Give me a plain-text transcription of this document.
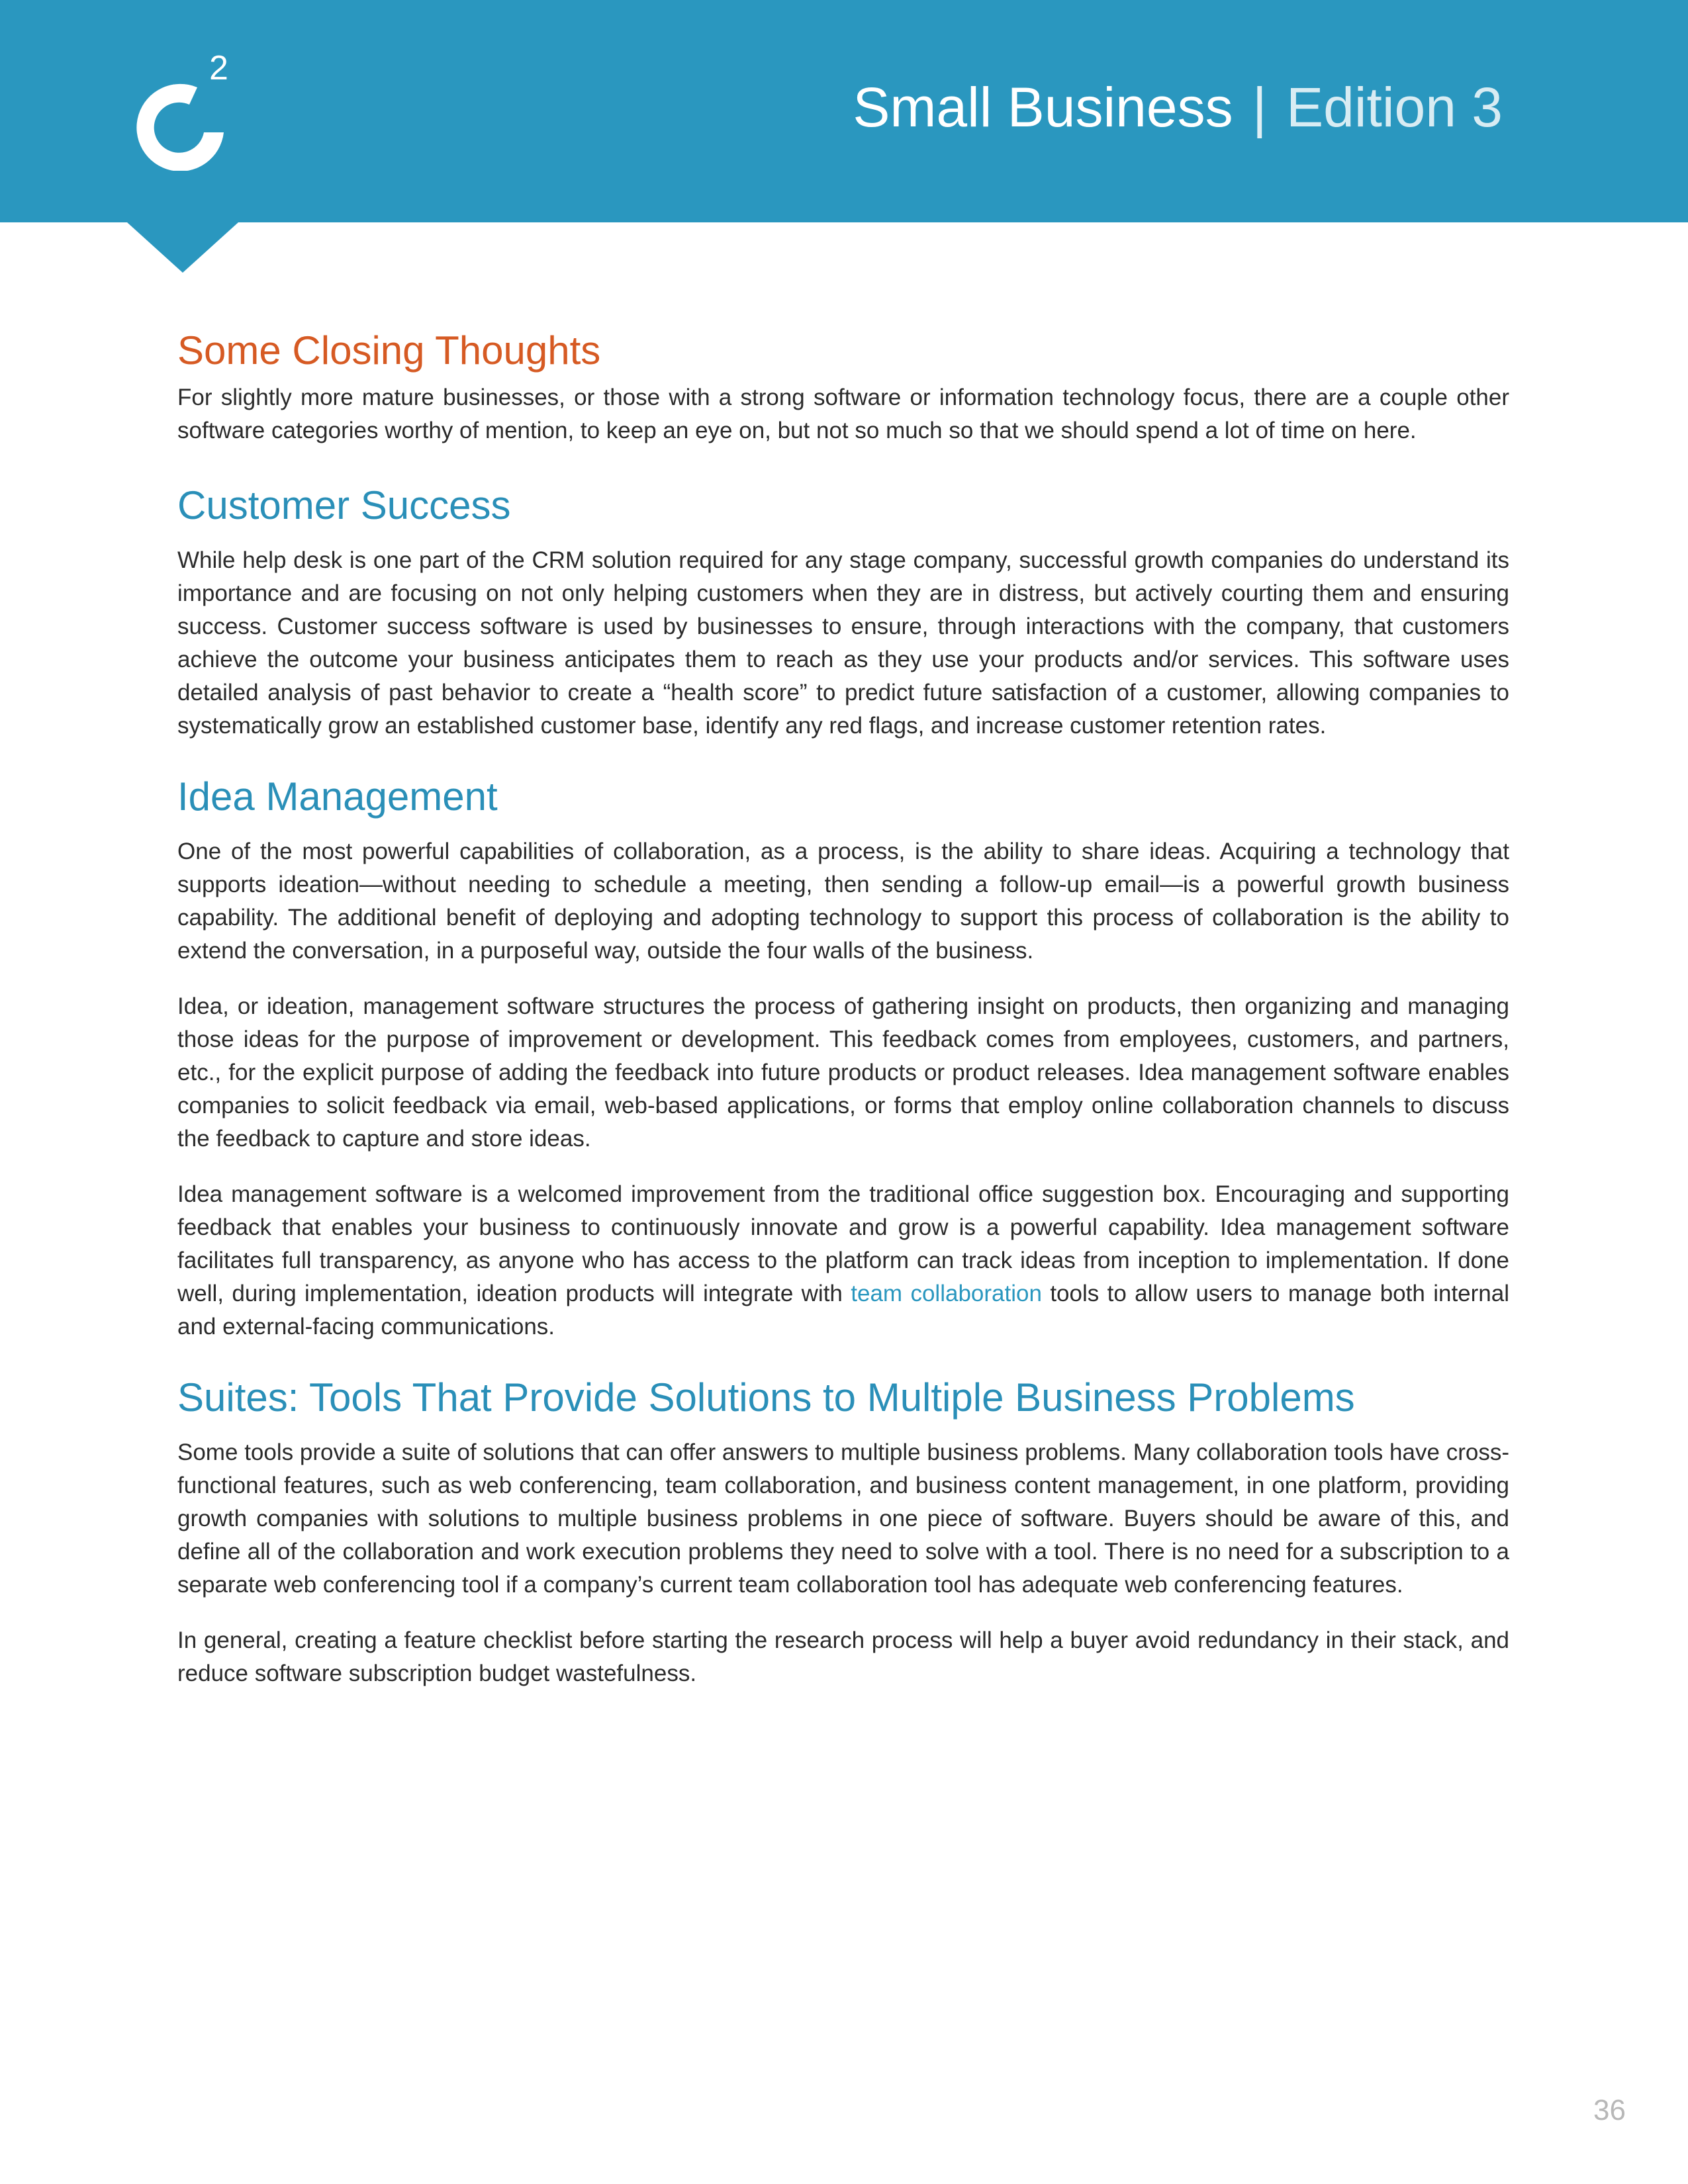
2
Small Business | Edition 3
Some Closing Thoughts

For slightly more mature businesses, or those with a strong software or information technology focus, there are a couple other software categories worthy of mention, to keep an eye on, but not so much so that we should spend a lot of time on here.

Customer Success

While help desk is one part of the CRM solution required for any stage company, successful growth companies do understand its importance and are focusing on not only helping customers when they are in distress, but actively courting them and ensuring success. Customer success software is used by businesses to ensure, through interactions with the company, that customers achieve the outcome your business anticipates them to reach as they use your products and/or services. This software uses detailed analysis of past behavior to create a “health score” to predict future satisfaction of a customer, allowing companies to systematically grow an established customer base, identify any red flags, and increase customer retention rates.

Idea Management

One of the most powerful capabilities of collaboration, as a process, is the ability to share ideas. Acquiring a technology that supports ideation—without needing to schedule a meeting, then sending a follow-up email—is a powerful growth business capability. The additional benefit of deploying and adopting technology to support this process of collaboration is the ability to extend the conversation, in a purposeful way, outside the four walls of the business.

Idea, or ideation, management software structures the process of gathering insight on products, then organizing and managing those ideas for the purpose of improvement or development. This feedback comes from employees, customers, and partners, etc., for the explicit purpose of adding the feedback into future products or product releases. Idea management software enables companies to solicit feedback via email, web-based applications, or forms that employ online collaboration channels to discuss the feedback to capture and store ideas.

Idea management software is a welcomed improvement from the traditional office suggestion box. Encouraging and supporting feedback that enables your business to continuously innovate and grow is a powerful capability. Idea management software facilitates full transparency, as anyone who has access to the platform can track ideas from inception to implementation. If done well, during implementation, ideation products will integrate with team collaboration tools to allow users to manage both internal and external-facing communications.

Suites: Tools That Provide Solutions to Multiple Business Problems

Some tools provide a suite of solutions that can offer answers to multiple business problems. Many collaboration tools have cross-functional features, such as web conferencing, team collaboration, and business content management, in one platform, providing growth companies with solutions to multiple business problems in one piece of software. Buyers should be aware of this, and define all of the collaboration and work execution problems they need to solve with a tool. There is no need for a subscription to a separate web conferencing tool if a company’s current team collaboration tool has adequate web conferencing features.

In general, creating a feature checklist before starting the research process will help a buyer avoid redundancy in their stack, and reduce software subscription budget wastefulness.

36
